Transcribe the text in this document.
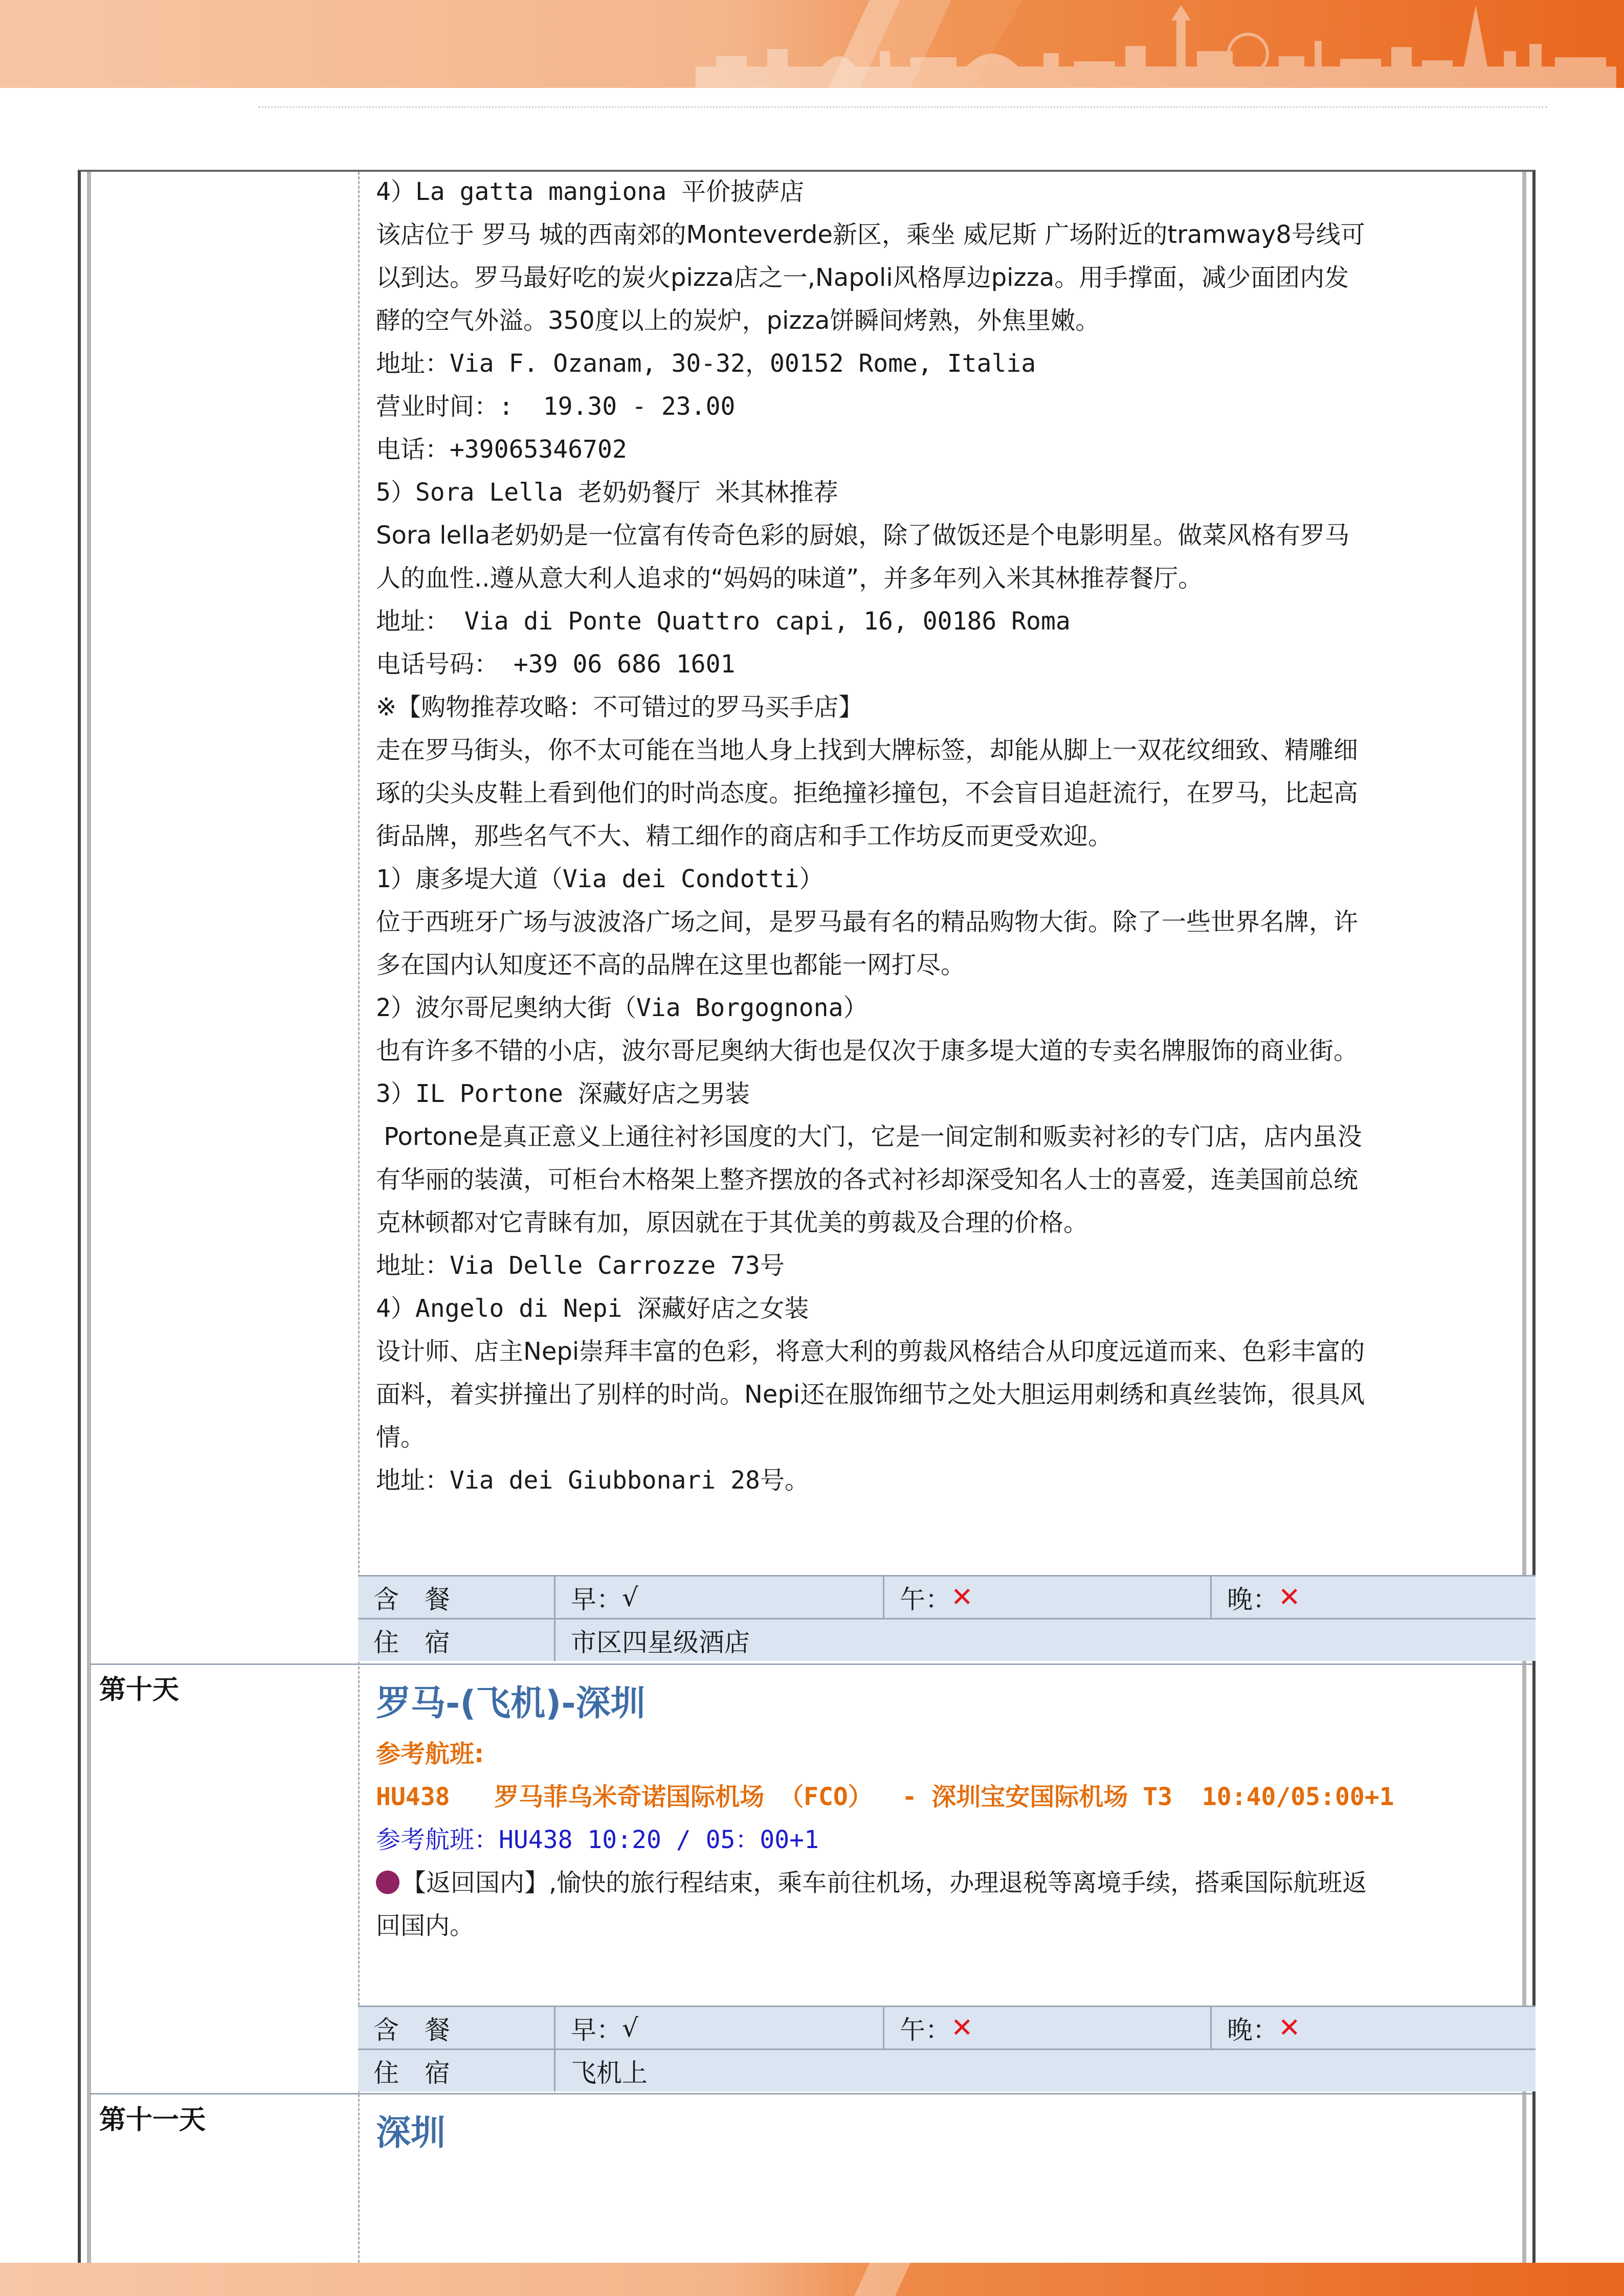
4）La gatta mangiona 平价披萨店
该店位于 罗马 城的西南郊的Monteverde新区，乘坐 威尼斯 广场附近的tramway8号线可
以到达。罗马最好吃的炭火pizza店之一,Napoli风格厚边pizza。用手撑面，减少面团内发
酵的空气外溢。350度以上的炭炉，pizza饼瞬间烤熟，外焦里嫩。
地址：Via F. Ozanam, 30-32，00152 Rome, Italia
营业时间：:  19.30 - 23.00
电话：+39065346702
5）Sora Lella 老奶奶餐厅 米其林推荐
Sora lella老奶奶是一位富有传奇色彩的厨娘，除了做饭还是个电影明星。做菜风格有罗马
人的血性..遵从意大利人追求的“妈妈的味道”，并多年列入米其林推荐餐厅。
地址： Via di Ponte Quattro capi, 16, 00186 Roma
电话号码： +39 06 686 1601
※【购物推荐攻略：不可错过的罗马买手店】
走在罗马街头，你不太可能在当地人身上找到大牌标签，却能从脚上一双花纹细致、精雕细
琢的尖头皮鞋上看到他们的时尚态度。拒绝撞衫撞包，不会盲目追赶流行，在罗马，比起高
街品牌，那些名气不大、精工细作的商店和手工作坊反而更受欢迎。
1）康多堤大道（Via dei Condotti）
位于西班牙广场与波波洛广场之间，是罗马最有名的精品购物大街。除了一些世界名牌，许
多在国内认知度还不高的品牌在这里也都能一网打尽。
2）波尔哥尼奥纳大街（Via Borgognona）
也有许多不错的小店，波尔哥尼奥纳大街也是仅次于康多堤大道的专卖名牌服饰的商业街。
3）IL Portone 深藏好店之男装
Portone是真正意义上通往衬衫国度的大门，它是一间定制和贩卖衬衫的专门店，店内虽没
有华丽的装潢，可柜台木格架上整齐摆放的各式衬衫却深受知名人士的喜爱，连美国前总统
克林顿都对它青睐有加，原因就在于其优美的剪裁及合理的价格。
地址：Via Delle Carrozze 73号
4）Angelo di Nepi 深藏好店之女装
设计师、店主Nepi崇拜丰富的色彩，将意大利的剪裁风格结合从印度远道而来、色彩丰富的
面料，着实拼撞出了别样的时尚。Nepi还在服饰细节之处大胆运用刺绣和真丝装饰，很具风
情。
地址：Via dei Giubbonari 28号。
含　餐	早： √	午： ✕	晚： ✕
住　宿	市区四星级酒店
第十天	罗马-(飞机)-深圳
参考航班:
HU438   罗马菲乌米奇诺国际机场 （FCO）  - 深圳宝安国际机场 T3  10:40/05:00+1
参考航班：HU438 10:20 / 05：00+1
【返回国内】,愉快的旅行程结束，乘车前往机场，办理退税等离境手续，搭乘国际航班返
回国内。
含　餐	早： √	午： ✕	晚： ✕
住　宿	飞机上
第十一天	深圳
